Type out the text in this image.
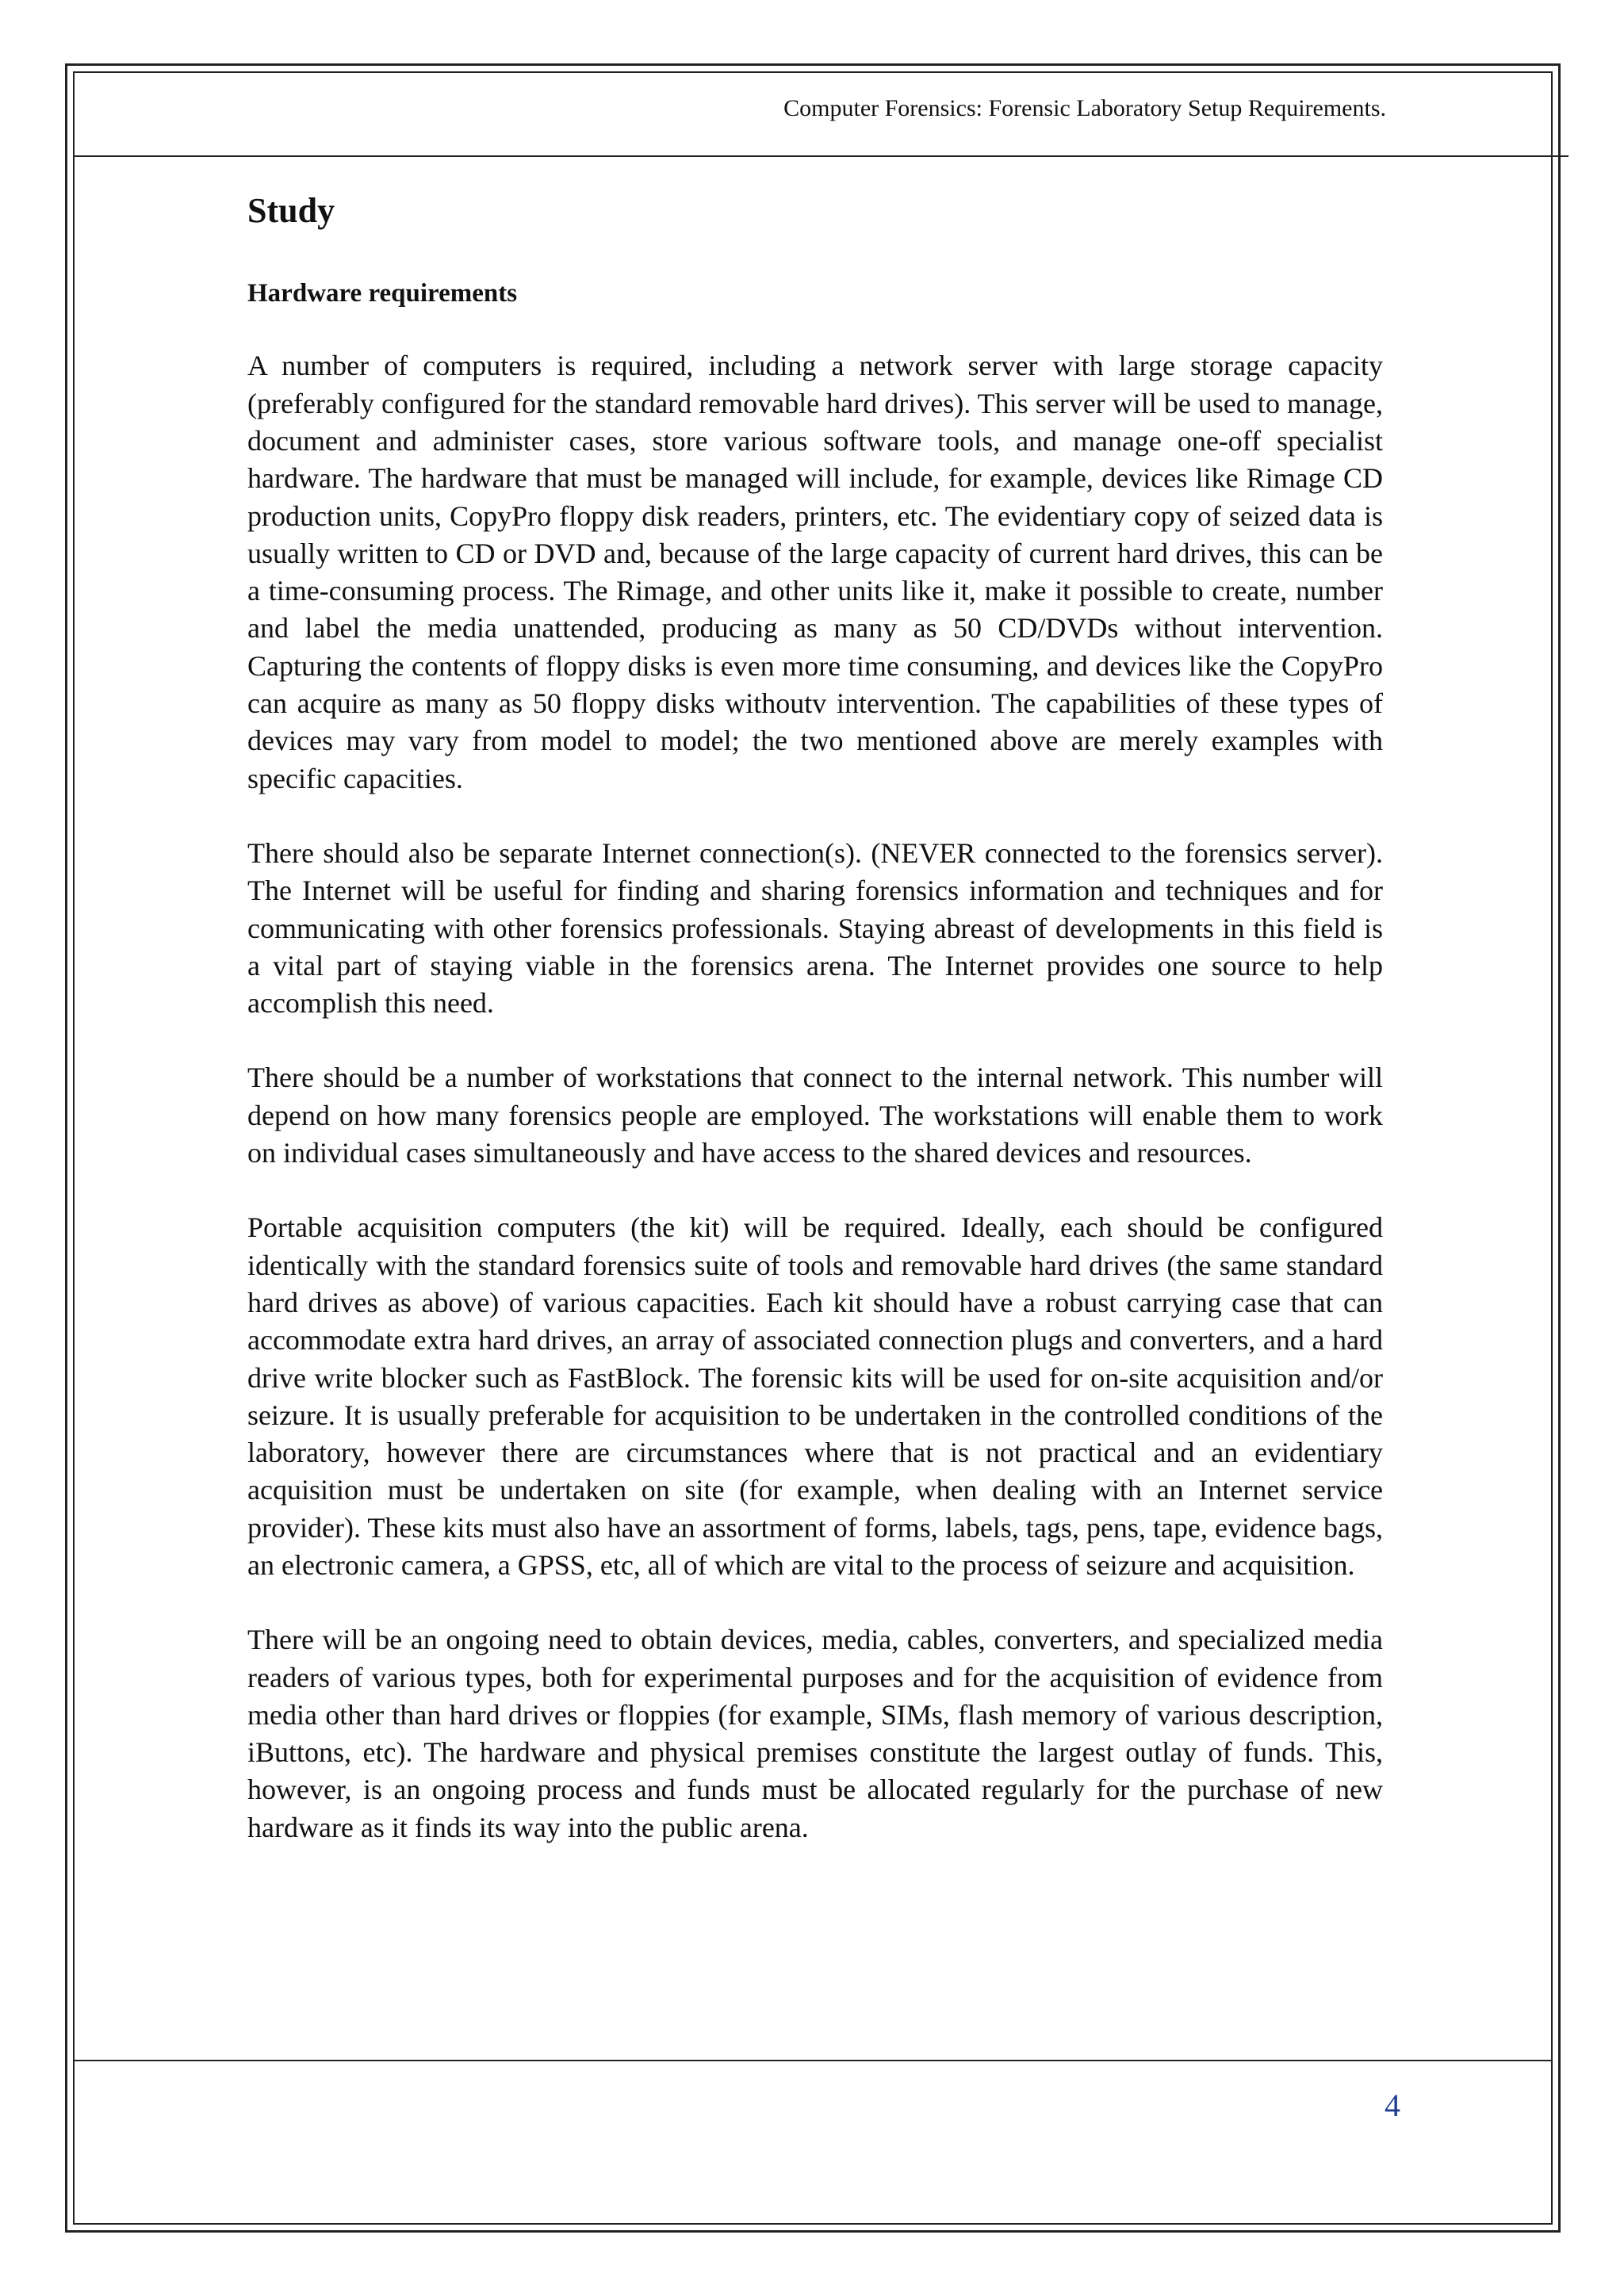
Computer Forensics: Forensic Laboratory Setup Requirements.
Study
Hardware requirements

A number of computers is required, including a network server with large storage capacity (preferably configured for the standard removable hard drives). This server will be used to manage, document and administer cases, store various software tools, and manage one-off specialist hardware. The hardware that must be managed will include, for example, devices like Rimage CD production units, CopyPro floppy disk readers, printers, etc. The evidentiary copy of seized data is usually written to CD or DVD and, because of the large capacity of current hard drives, this can be a time-consuming process. The Rimage, and other units like it, make it possible to create, number and label the media unattended, producing as many as 50 CD/DVDs without intervention. Capturing the contents of floppy disks is even more time consuming, and devices like the CopyPro can acquire as many as 50 floppy disks withoutv intervention. The capabilities of these types of devices may vary from model to model; the two mentioned above are merely examples with specific capacities.

There should also be separate Internet connection(s). (NEVER connected to the forensics server). The Internet will be useful for finding and sharing forensics information and techniques and for communicating with other forensics professionals. Staying abreast of developments in this field is a vital part of staying viable in the forensics arena. The Internet provides one source to help accomplish this need.

There should be a number of workstations that connect to the internal network. This number will depend on how many forensics people are employed. The workstations will enable them to work on individual cases simultaneously and have access to the shared devices and resources.

Portable acquisition computers (the kit) will be required. Ideally, each should be configured identically with the standard forensics suite of tools and removable hard drives (the same standard hard drives as above) of various capacities. Each kit should have a robust carrying case that can accommodate extra hard drives, an array of associated connection plugs and converters, and a hard drive write blocker such as FastBlock. The forensic kits will be used for on-site acquisition and/or seizure. It is usually preferable for acquisition to be undertaken in the controlled conditions of the laboratory, however there are circumstances where that is not practical and an evidentiary acquisition must be undertaken on site (for example, when dealing with an Internet service provider). These kits must also have an assortment of forms, labels, tags, pens, tape, evidence bags, an electronic camera, a GPSS, etc, all of which are vital to the process of seizure and acquisition.

There will be an ongoing need to obtain devices, media, cables, converters, and specialized media readers of various types, both for experimental purposes and for the acquisition of evidence from media other than hard drives or floppies (for example, SIMs, flash memory of various description, iButtons, etc). The hardware and physical premises constitute the largest outlay of funds. This, however, is an ongoing process and funds must be allocated regularly for the purchase of new hardware as it finds its way into the public arena.

4
